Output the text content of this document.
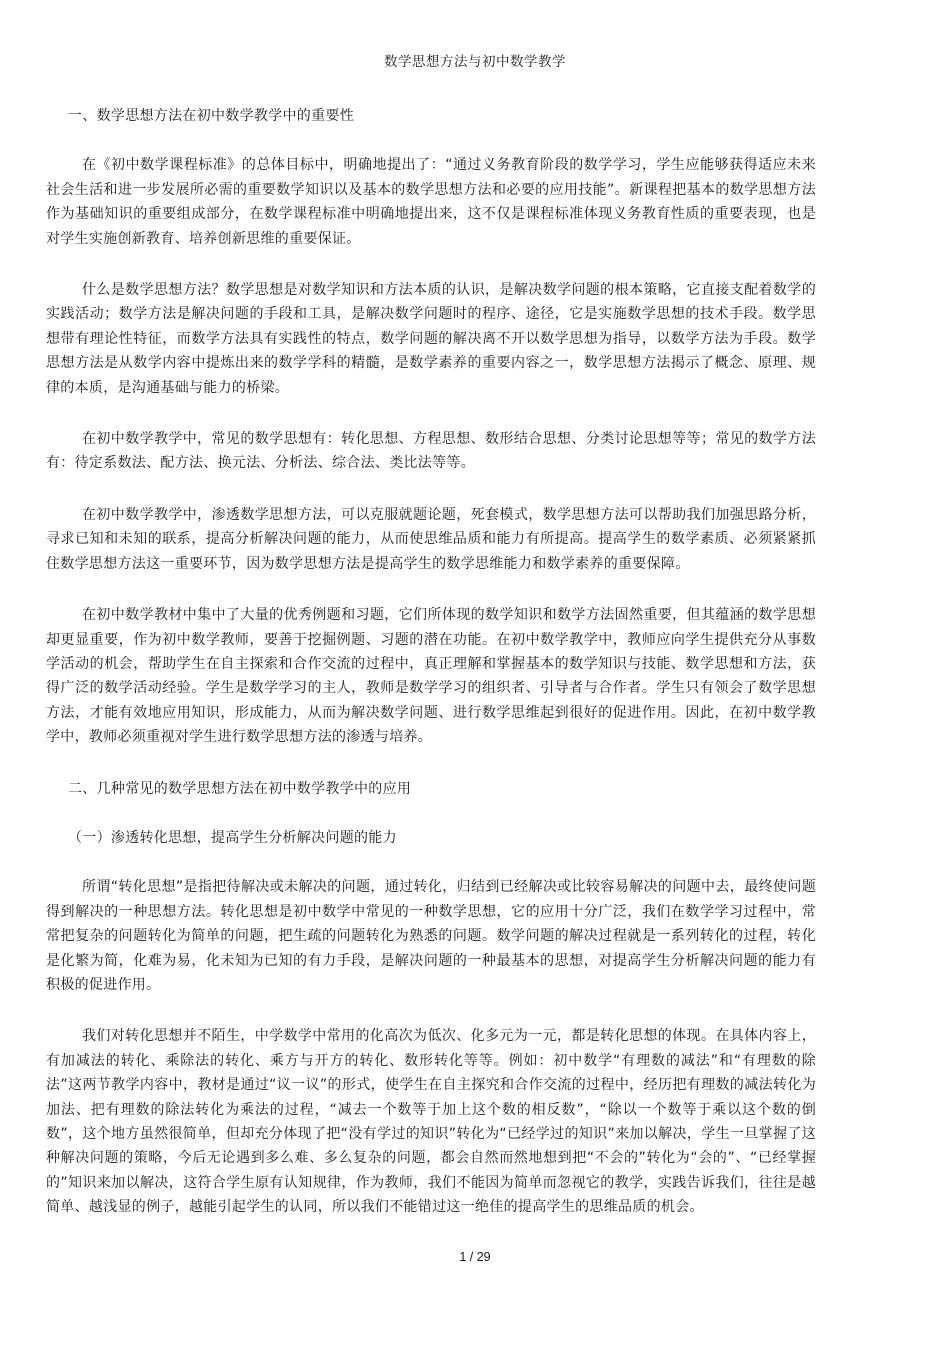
数学思想方法与初中数学教学

一、数学思想方法在初中数学教学中的重要性

在《初中数学课程标准》的总体目标中，明确地提出了：“通过义务教育阶段的数学学习，学生应能够获得适应未来社会生活和进一步发展所必需的重要数学知识以及基本的数学思想方法和必要的应用技能”。新课程把基本的数学思想方法作为基础知识的重要组成部分，在数学课程标准中明确地提出来，这不仅是课程标准体现义务教育性质的重要表现，也是对学生实施创新教育、培养创新思维的重要保证。

什么是数学思想方法？数学思想是对数学知识和方法本质的认识，是解决数学问题的根本策略，它直接支配着数学的实践活动；数学方法是解决问题的手段和工具，是解决数学问题时的程序、途径，它是实施数学思想的技术手段。数学思想带有理论性特征，而数学方法具有实践性的特点，数学问题的解决离不开以数学思想为指导，以数学方法为手段。数学思想方法是从数学内容中提炼出来的数学学科的精髓，是数学素养的重要内容之一，数学思想方法揭示了概念、原理、规律的本质，是沟通基础与能力的桥梁。

在初中数学教学中，常见的数学思想有：转化思想、方程思想、数形结合思想、分类讨论思想等等；常见的数学方法有：待定系数法、配方法、换元法、分析法、综合法、类比法等等。

在初中数学教学中，渗透数学思想方法，可以克服就题论题，死套模式，数学思想方法可以帮助我们加强思路分析，寻求已知和未知的联系，提高分析解决问题的能力，从而使思维品质和能力有所提高。提高学生的数学素质、必须紧紧抓住数学思想方法这一重要环节，因为数学思想方法是提高学生的数学思维能力和数学素养的重要保障。

在初中数学教材中集中了大量的优秀例题和习题，它们所体现的数学知识和数学方法固然重要，但其蕴涵的数学思想却更显重要，作为初中数学教师，要善于挖掘例题、习题的潜在功能。在初中数学教学中，教师应向学生提供充分从事数学活动的机会，帮助学生在自主探索和合作交流的过程中，真正理解和掌握基本的数学知识与技能、数学思想和方法，获得广泛的数学活动经验。学生是数学学习的主人，教师是数学学习的组织者、引导者与合作者。学生只有领会了数学思想方法，才能有效地应用知识，形成能力，从而为解决数学问题、进行数学思维起到很好的促进作用。因此，在初中数学教学中，教师必须重视对学生进行数学思想方法的渗透与培养。

二、几种常见的数学思想方法在初中数学教学中的应用

（一）渗透转化思想，提高学生分析解决问题的能力

所谓“转化思想”是指把待解决或未解决的问题，通过转化，归结到已经解决或比较容易解决的问题中去，最终使问题得到解决的一种思想方法。转化思想是初中数学中常见的一种数学思想，它的应用十分广泛，我们在数学学习过程中，常常把复杂的问题转化为简单的问题，把生疏的问题转化为熟悉的问题。数学问题的解决过程就是一系列转化的过程，转化是化繁为简，化难为易，化未知为已知的有力手段，是解决问题的一种最基本的思想，对提高学生分析解决问题的能力有积极的促进作用。

我们对转化思想并不陌生，中学数学中常用的化高次为低次、化多元为一元，都是转化思想的体现。在具体内容上，有加减法的转化、乘除法的转化、乘方与开方的转化、数形转化等等。例如：初中数学“有理数的减法”和“有理数的除法”这两节教学内容中，教材是通过“议一议”的形式，使学生在自主探究和合作交流的过程中，经历把有理数的减法转化为加法、把有理数的除法转化为乘法的过程，“减去一个数等于加上这个数的相反数”，“除以一个数等于乘以这个数的倒数”，这个地方虽然很简单，但却充分体现了把“没有学过的知识”转化为“已经学过的知识”来加以解决，学生一旦掌握了这种解决问题的策略，今后无论遇到多么难、多么复杂的问题，都会自然而然地想到把“不会的”转化为“会的”、“已经掌握的”知识来加以解决，这符合学生原有认知规律，作为教师，我们不能因为简单而忽视它的教学，实践告诉我们，往往是越简单、越浅显的例子，越能引起学生的认同，所以我们不能错过这一绝佳的提高学生的思维品质的机会。

1 / 29
